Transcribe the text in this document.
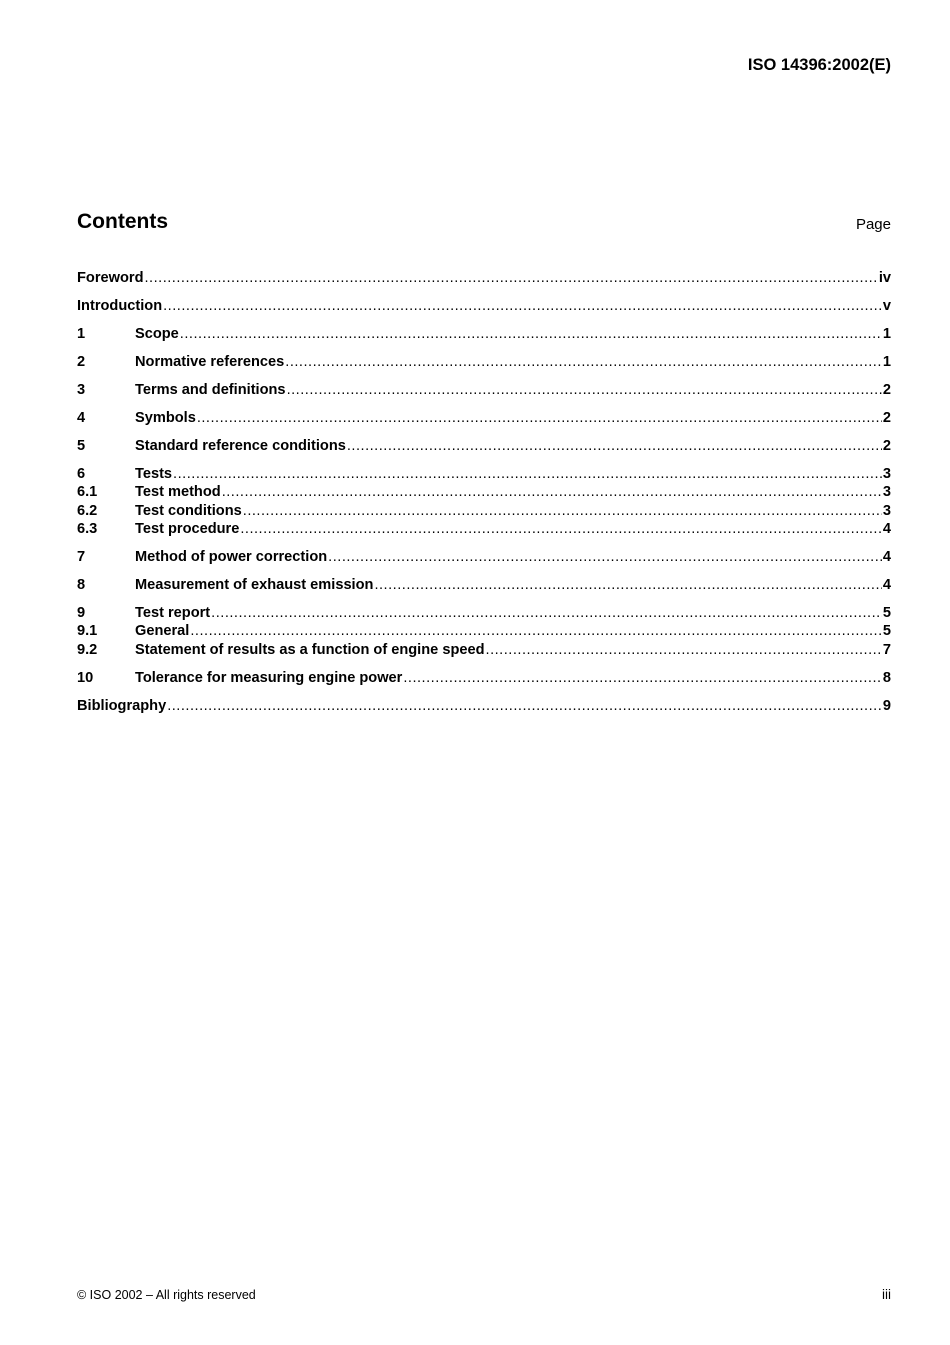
ISO 14396:2002(E)
Contents	Page
Foreword .....	iv
Introduction .....	v
1	Scope .....	1
2	Normative references .....	1
3	Terms and definitions .....	2
4	Symbols .....	2
5	Standard reference conditions .....	2
6	Tests .....	3
6.1	Test method .....	3
6.2	Test conditions .....	3
6.3	Test procedure .....	4
7	Method of power correction .....	4
8	Measurement of exhaust emission .....	4
9	Test report .....	5
9.1	General .....	5
9.2	Statement of results as a function of engine speed .....	7
10	Tolerance for measuring engine power .....	8
Bibliography .....	9
© ISO 2002 – All rights reserved	iii
